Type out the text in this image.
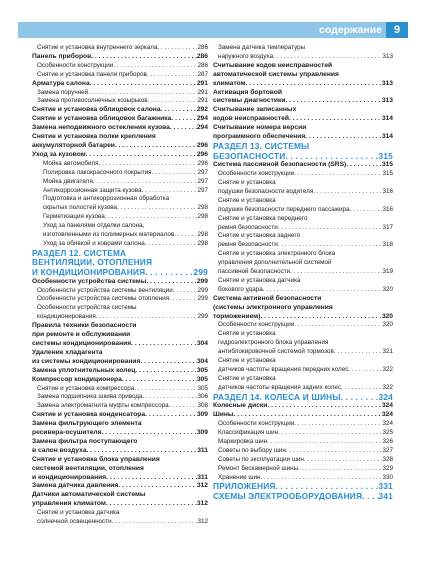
содержание	9
Снятие и установка внутреннего зеркала . . .	286
Панель приборов . . .	286
Особенности конструкции . . .	286
Снятие и установка панели приборов . . .	287
Арматура салона . . .	291
Замена поручней . . .	291
Замена противосолнечных козырьков . . .	291
Снятие и установка облицовок салона . . .	292
Снятие и установка облицовок багажника . . .	294
Замена неподвижного остекления кузова . . .	294
Снятие и установка полки крепления
аккумуляторной батареи . . .	296
Уход за кузовом . . .	296
Мойка автомобиля . . .	296
Полировка лакокрасочного покрытия . . .	297
Мойка двигателя . . .	297
Антикоррозионная защита кузова . . .	297
Подготовка и антикоррозионная обработка
скрытых полостей кузова . . .	298
Герметизация кузова . . .	298
Уход за панелями отделки салона,
изготовленными из полимерных материалов . . .	298
Уход за обивкой и коврами салона . . .	298
РАЗДЕЛ 12. СИСТЕМА
ВЕНТИЛЯЦИИ, ОТОПЛЕНИЯ
И КОНДИЦИОНИРОВАНИЯ . . .	299
Особенности устройства системы . . .	299
Особенности устройства системы вентиляции . . .	299
Особенности устройства системы отопления . . .	299
Особенности устройства системы
кондиционирования . . .	299
Правила техники безопасности
при ремонте и обслуживании
системы кондиционирования . . .	304
Удаление хладагента
из системы кондиционирования . . .	304
Замена уплотнительных колец . . .	305
Компрессор кондиционера . . .	305
Снятие и установка компрессора . . .	305
Замена подшипника шкива привода . . .	306
Замена электромагнита муфты компрессора . . .	308
Снятие и установка конденсатора . . .	309
Замена фильтрующего элемента
ресивера-осушителя . . .	309
Замена фильтра поступающего
в салон воздуха . . .	311
Снятие и установка блока управления
системой вентиляции, отопления
и кондиционирования . . .	311
Замена датчика давления . . .	312
Датчики автоматической системы
управления климатом . . .	312
Снятие и установка датчика
солнечной освещенности . . .	312
Замена датчика температуры
наружного воздуха . . .	313
Считывание кодов неисправностей
автоматической системы управления
климатом . . .	313
Активация бортовой
системы диагностики . . .	313
Считывание записанных
кодов неисправностей . . .	314
Считывание номера версии
программного обеспечения . . .	314
РАЗДЕЛ 13. СИСТЕМЫ
БЕЗОПАСНОСТИ . . .	315
Система пассивной безопасности (SRS) . . .	315
Особенности конструкции . . .	315
Снятие и установка
подушки безопасности водителя . . .	316
Снятие и установка
подушки безопасности переднего пассажира . . .	316
Снятие и установка переднего
ремня безопасности . . .	317
Снятие и установка заднего
ремня безопасности . . .	318
Снятие и установка электронного блока
управления дополнительной системой
пассивной безопасности . . .	319
Снятие и установка датчика
бокового удара . . .	320
Система активной безопасности
(системы электронного управления
торможением) . . .	320
Особенности конструкции . . .	320
Снятие и установка
гидроэлектронного блока управления
антиблокировочной системой тормозов . . .	321
Снятие и установка
датчиков частоты вращения передних колес . . .	322
Снятие и установка
датчиков частоты вращения задних колес . . .	322
РАЗДЕЛ 14. КОЛЕСА И ШИНЫ . . .	324
Колесные диски . . .	324
Шины . . .	324
Особенности конструкции . . .	324
Классификация шин . . .	325
Маркировка шин . . .	326
Советы по выбору шин . . .	327
Советы по эксплуатации шин . . .	328
Ремонт бескамерной шины . . .	329
Хранение шин . . .	330
ПРИЛОЖЕНИЯ . . .	331
СХЕМЫ ЭЛЕКТРООБОРУДОВАНИЯ . . . 341
